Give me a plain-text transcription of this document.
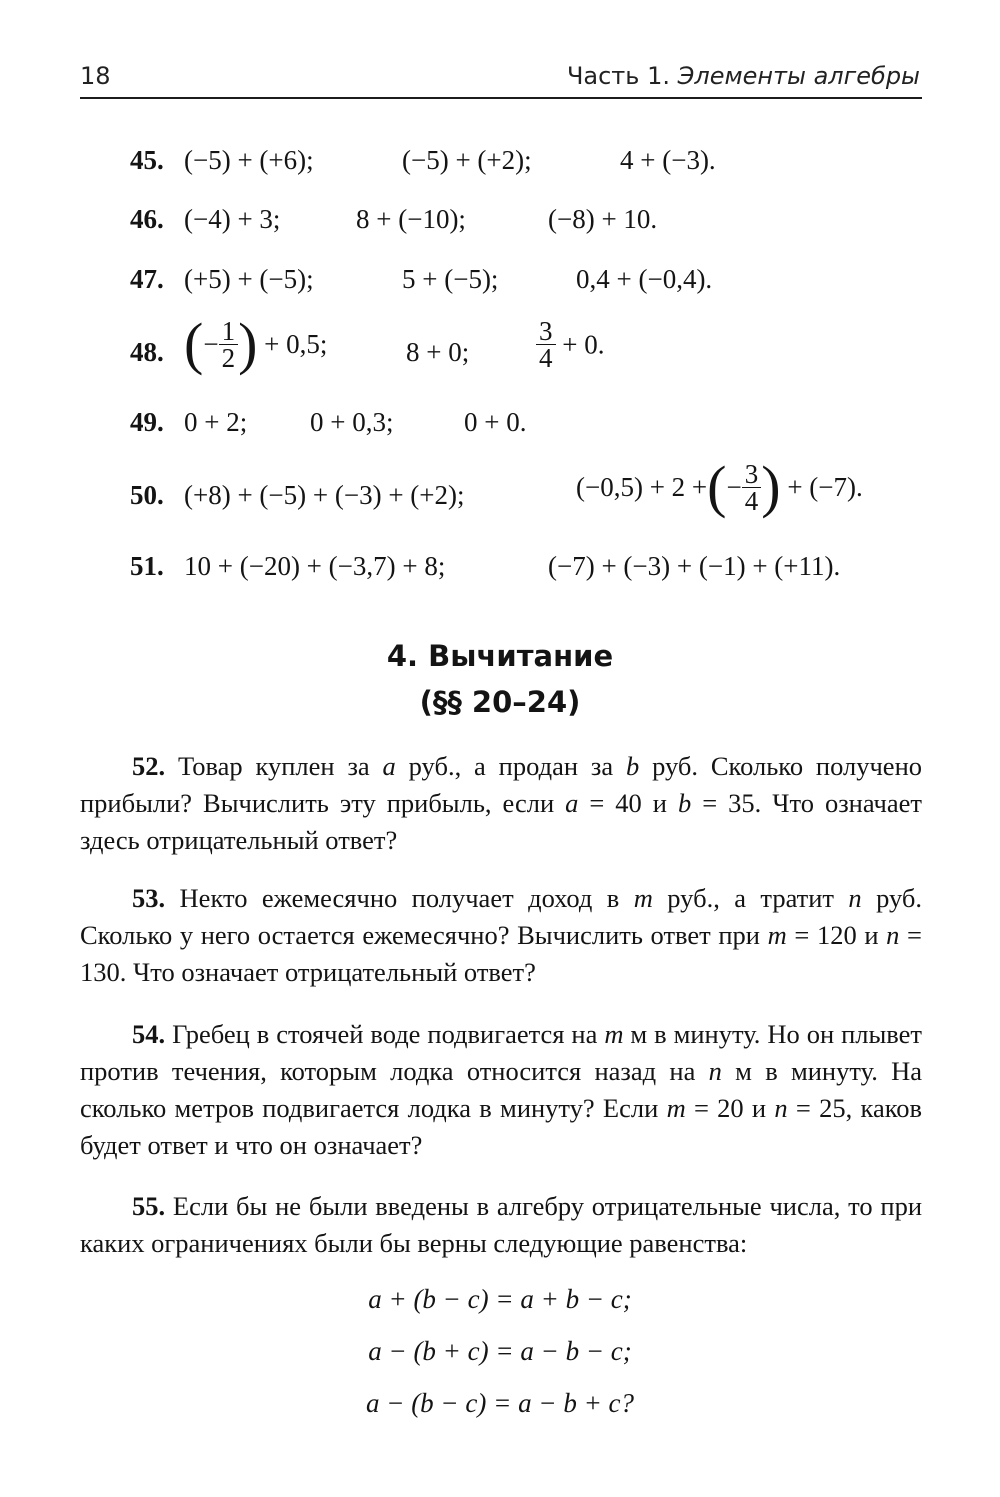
18	Часть 1. Элементы алгебры
45. (−5) + (+6);	(−5) + (+2);	4 + (−3).
46. (−4) + 3;	8 + (−10);	(−8) + 10.
47. (+5) + (−5);	5 + (−5);	0,4 + (−0,4).
48. (− $\frac{1}{2}$ ) + 0,5;	8 + 0; $\frac{3}{4} + 0$.
49. 0 + 2; 0 + 0,3;	0 + 0.
50. (+8) + (−5) + (−3) + (+2);	(−0,5) + 2 +(− $\frac{3}{4}$ ) + (−7).
51. 10 + (−20) + (−3,7) + 8;	(−7) + (−3) + (−1) + (+11).
4. Вычитание
(§§ 20–24)
52. Товар куплен за a руб., а продан за b руб. Сколько получено прибыли? Вычислить эту прибыль, если a = 40 и b = 35. Что означает здесь отрицательный ответ?
53. Некто ежемесячно получает доход в m руб., а тратит n руб. Сколько у него остается ежемесячно? Вычислить ответ при m = 120 и n = 130. Что означает отрицательный ответ?
54. Гребец в стоячей воде подвигается на m м в минуту. Но он плывет против течения, которым лодка относится назад на n м в минуту. На сколько метров подвигается лодка в минуту? Если m = 20 и n = 25, каков будет ответ и что он означает?
55. Если бы не были введены в алгебру отрицательные числа, то при каких ограничениях были бы верны следующие равенства:
a + (b − c) = a + b − c;
a − (b + c) = a − b − c;
a − (b − c) = a − b + c?
